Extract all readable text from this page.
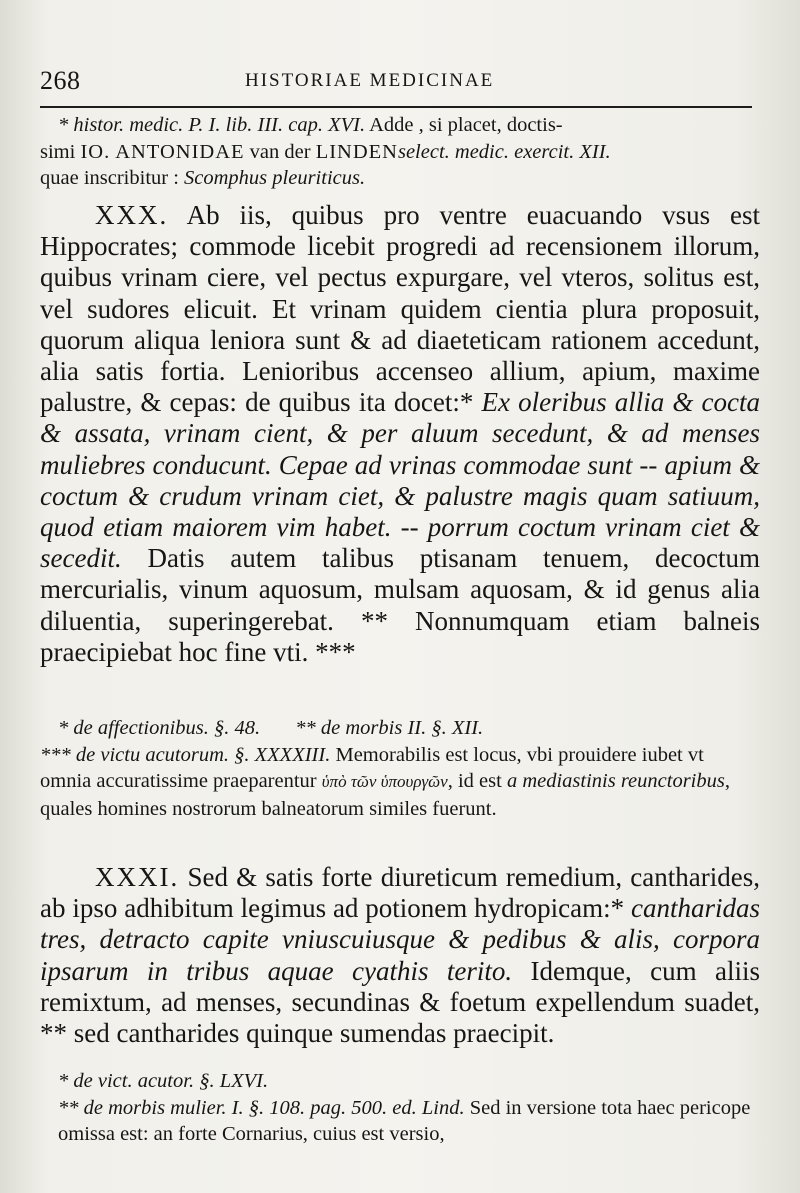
268	HISTORIAE MEDICINAE

* histor. medic. P. I. lib. III. cap. XVI. Adde , si placet, doctis-

simi IO. ANTONIDAE van der LINDENselect. medic. exercit. XII.

quae inscribitur : Scomphus pleuriticus.

XXX. Ab iis, quibus pro ventre euacuando vsus est Hippocrates; commode licebit progredi ad recensionem illorum, quibus vrinam ciere, vel pectus expurgare, vel vteros, solitus est, vel sudores elicuit. Et vrinam quidem cientia plura proposuit, quorum aliqua leniora sunt & ad diaeteticam rationem accedunt, alia satis fortia. Lenioribus accenseo allium, apium, maxime palustre, & cepas: de quibus ita docet:* Ex oleribus allia & cocta & assata, vrinam cient, & per aluum secedunt, & ad menses muliebres conducunt. Cepae ad vrinas commodae sunt -- apium & coctum & crudum vrinam ciet, & palustre magis quam satiuum, quod etiam maiorem vim habet. -- porrum coctum vrinam ciet & secedit. Datis autem talibus ptisanam tenuem, decoctum mercurialis, vinum aquosum, mulsam aquosam, & id genus alia diluentia, superingerebat. ** Nonnumquam etiam balneis praecipiebat hoc fine vti. ***

* de affectionibus. §. 48. ** de morbis II. §. XII.

*** de victu acutorum. §. XXXXIII. Memorabilis est locus, vbi prouidere iubet vt omnia accuratissime praeparentur ὑπὸ τῶν ὑπουργῶν, id est a mediastinis reunctoribus, quales homines nostrorum balneatorum similes fuerunt.

XXXI. Sed & satis forte diureticum remedium, cantharides, ab ipso adhibitum legimus ad potionem hydropicam:* cantharidas tres, detracto capite vniuscuiusque & pedibus & alis, corpora ipsarum in tribus aquae cyathis terito. Idemque, cum aliis remixtum, ad menses, secundinas & foetum expellendum suadet, ** sed cantharides quinque sumendas praecipit.

* de vict. acutor. §. LXVI.

** de morbis mulier. I. §. 108. pag. 500. ed. Lind. Sed in versione tota haec pericope omissa est: an forte Cornarius, cuius est versio,
